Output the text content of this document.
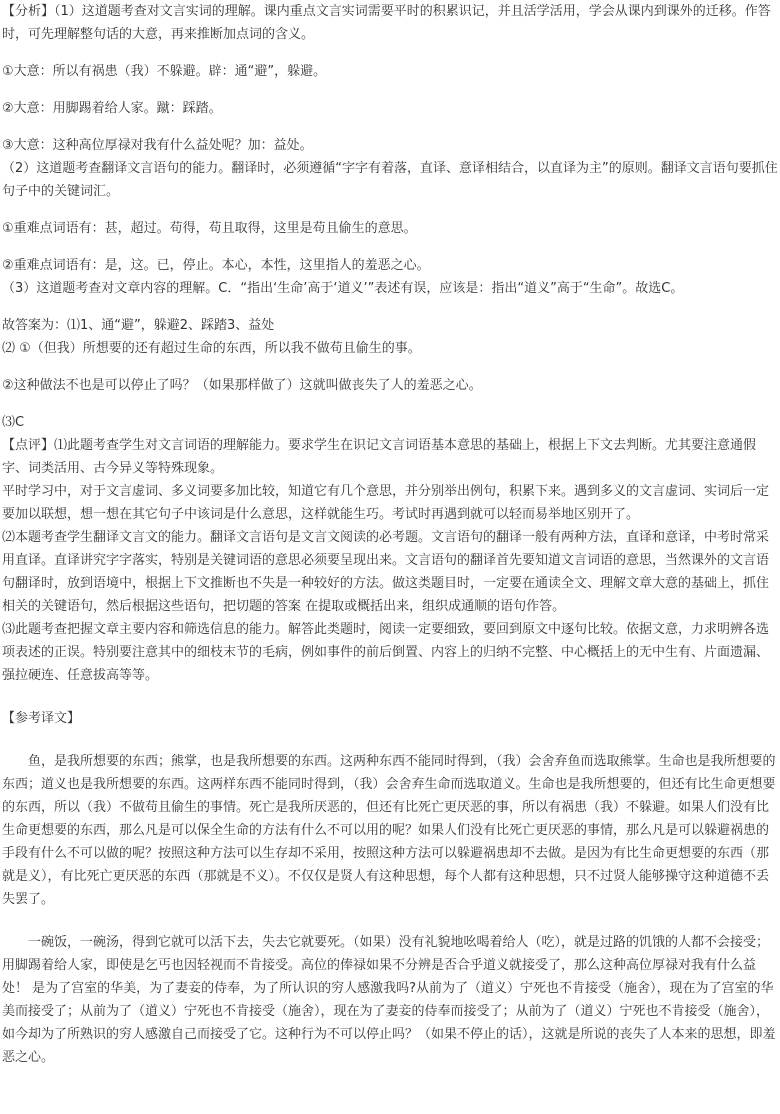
【分析】（1）这道题考查对文言实词的理解。课内重点文言实词需要平时的积累识记，并且活学活用，学会从课内到课外的迁移。作答时，可先理解整句话的大意，再来推断加点词的含义。

①大意：所以有祸患（我）不躲避。辟：通“避”，躲避。

②大意：用脚踢着给人家。蹴：踩踏。

③大意：这种高位厚禄对我有什么益处呢？加：益处。

（2）这道题考查翻译文言语句的能力。翻译时，必须遵循“字字有着落，直译、意译相结合，以直译为主”的原则。翻译文言语句要抓住句子中的关键词汇。

①重难点词语有：甚，超过。苟得，苟且取得，这里是苟且偷生的意思。

②重难点词语有：是，这。已，停止。本心，本性，这里指人的羞恶之心。

（3）这道题考查对文章内容的理解。C．“指出‘生命’高于‘道义’”表述有误，应该是：指出“道义”高于“生命”。故选C。

故答案为：⑴1、通“避”，躲避2、踩踏3、益处

⑵ ①（但我）所想要的还有超过生命的东西，所以我不做苟且偷生的事。

②这种做法不也是可以停止了吗？（如果那样做了）这就叫做丧失了人的羞恶之心。

⑶C

【点评】⑴此题考查学生对文言词语的理解能力。要求学生在识记文言词语基本意思的基础上，根据上下文去判断。尤其要注意通假字、词类活用、古今异义等特殊现象。

平时学习中，对于文言虚词、多义词要多加比较，知道它有几个意思，并分别举出例句，积累下来。遇到多义的文言虚词、实词后一定要加以联想，想一想在其它句子中该词是什么意思，这样就能生巧。考试时再遇到就可以轻而易举地区别开了。

⑵本题考查学生翻译文言文的能力。翻译文言语句是文言文阅读的必考题。文言语句的翻译一般有两种方法，直译和意译，中考时常采用直译。直译讲究字字落实，特别是关键词语的意思必须要呈现出来。文言语句的翻译首先要知道文言词语的意思，当然课外的文言语句翻译时，放到语境中，根据上下文推断也不失是一种较好的方法。做这类题目时，一定要在通读全文、理解文章大意的基础上，抓住相关的关键语句，然后根据这些语句，把切题的答案 在提取或概括出来，组织成通顺的语句作答。

⑶此题考查把握文章主要内容和筛选信息的能力。解答此类题时，阅读一定要细致，要回到原文中逐句比较。依据文意，力求明辨各选项表述的正误。特别要注意其中的细枝末节的毛病，例如事件的前后倒置、内容上的归纳不完整、中心概括上的无中生有、片面遗漏、强拉硬连、任意拔高等等。

【参考译文】

鱼，是我所想要的东西；熊掌，也是我所想要的东西。这两种东西不能同时得到，（我）会舍弃鱼而选取熊掌。生命也是我所想要的东西；道义也是我所想要的东西。这两样东西不能同时得到，（我）会舍弃生命而选取道义。生命也是我所想要的，但还有比生命更想要的东西，所以（我）不做苟且偷生的事情。死亡是我所厌恶的，但还有比死亡更厌恶的事，所以有祸患（我）不躲避。如果人们没有比生命更想要的东西，那么凡是可以保全生命的方法有什么不可以用的呢？如果人们没有比死亡更厌恶的事情，那么凡是可以躲避祸患的手段有什么不可以做的呢？按照这种方法可以生存却不采用，按照这种方法可以躲避祸患却不去做。是因为有比生命更想要的东西（那就是义），有比死亡更厌恶的东西（那就是不义）。不仅仅是贤人有这种思想，每个人都有这种思想，只不过贤人能够操守这种道德不丢失罢了。

一碗饭，一碗汤，得到它就可以活下去，失去它就要死。（如果）没有礼貌地吆喝着给人（吃），就是过路的饥饿的人都不会接受；用脚踢着给人家，即使是乞丐也因轻视而不肯接受。高位的俸禄如果不分辨是否合乎道义就接受了，那么这种高位厚禄对我有什么益处！ 是为了宫室的华美，为了妻妾的侍奉，为了所认识的穷人感激我吗?从前为了（道义）宁死也不肯接受（施舍），现在为了宫室的华美而接受了；从前为了（道义）宁死也不肯接受（施舍），现在为了妻妾的侍奉而接受了；从前为了（道义）宁死也不肯接受（施舍），如今却为了所熟识的穷人感激自己而接受了它。这种行为不可以停止吗？（如果不停止的话），这就是所说的丧失了人本来的思想，即羞恶之心。
